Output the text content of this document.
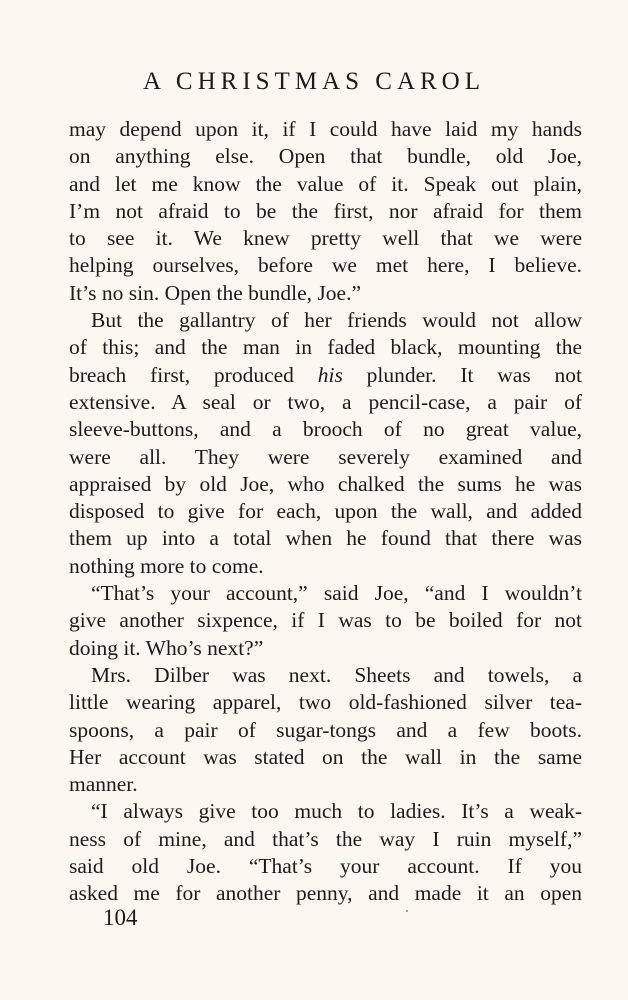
A CHRISTMAS CAROL
may depend upon it, if I could have laid my hands
on anything else. Open that bundle, old Joe,
and let me know the value of it. Speak out plain,
I’m not afraid to be the first, nor afraid for them
to see it. We knew pretty well that we were
helping ourselves, before we met here, I believe.
It’s no sin. Open the bundle, Joe.”
But the gallantry of her friends would not allow
of this; and the man in faded black, mounting the
breach first, produced his plunder. It was not
extensive. A seal or two, a pencil-case, a pair of
sleeve-buttons, and a brooch of no great value,
were all. They were severely examined and
appraised by old Joe, who chalked the sums he was
disposed to give for each, upon the wall, and added
them up into a total when he found that there was
nothing more to come.
“That’s your account,” said Joe, “and I wouldn’t
give another sixpence, if I was to be boiled for not
doing it. Who’s next?”
Mrs. Dilber was next. Sheets and towels, a
little wearing apparel, two old-fashioned silver tea-
spoons, a pair of sugar-tongs and a few boots.
Her account was stated on the wall in the same
manner.
“I always give too much to ladies. It’s a weak-
ness of mine, and that’s the way I ruin myself,”
said old Joe. “That’s your account. If you
asked me for another penny, and made it an open
104
